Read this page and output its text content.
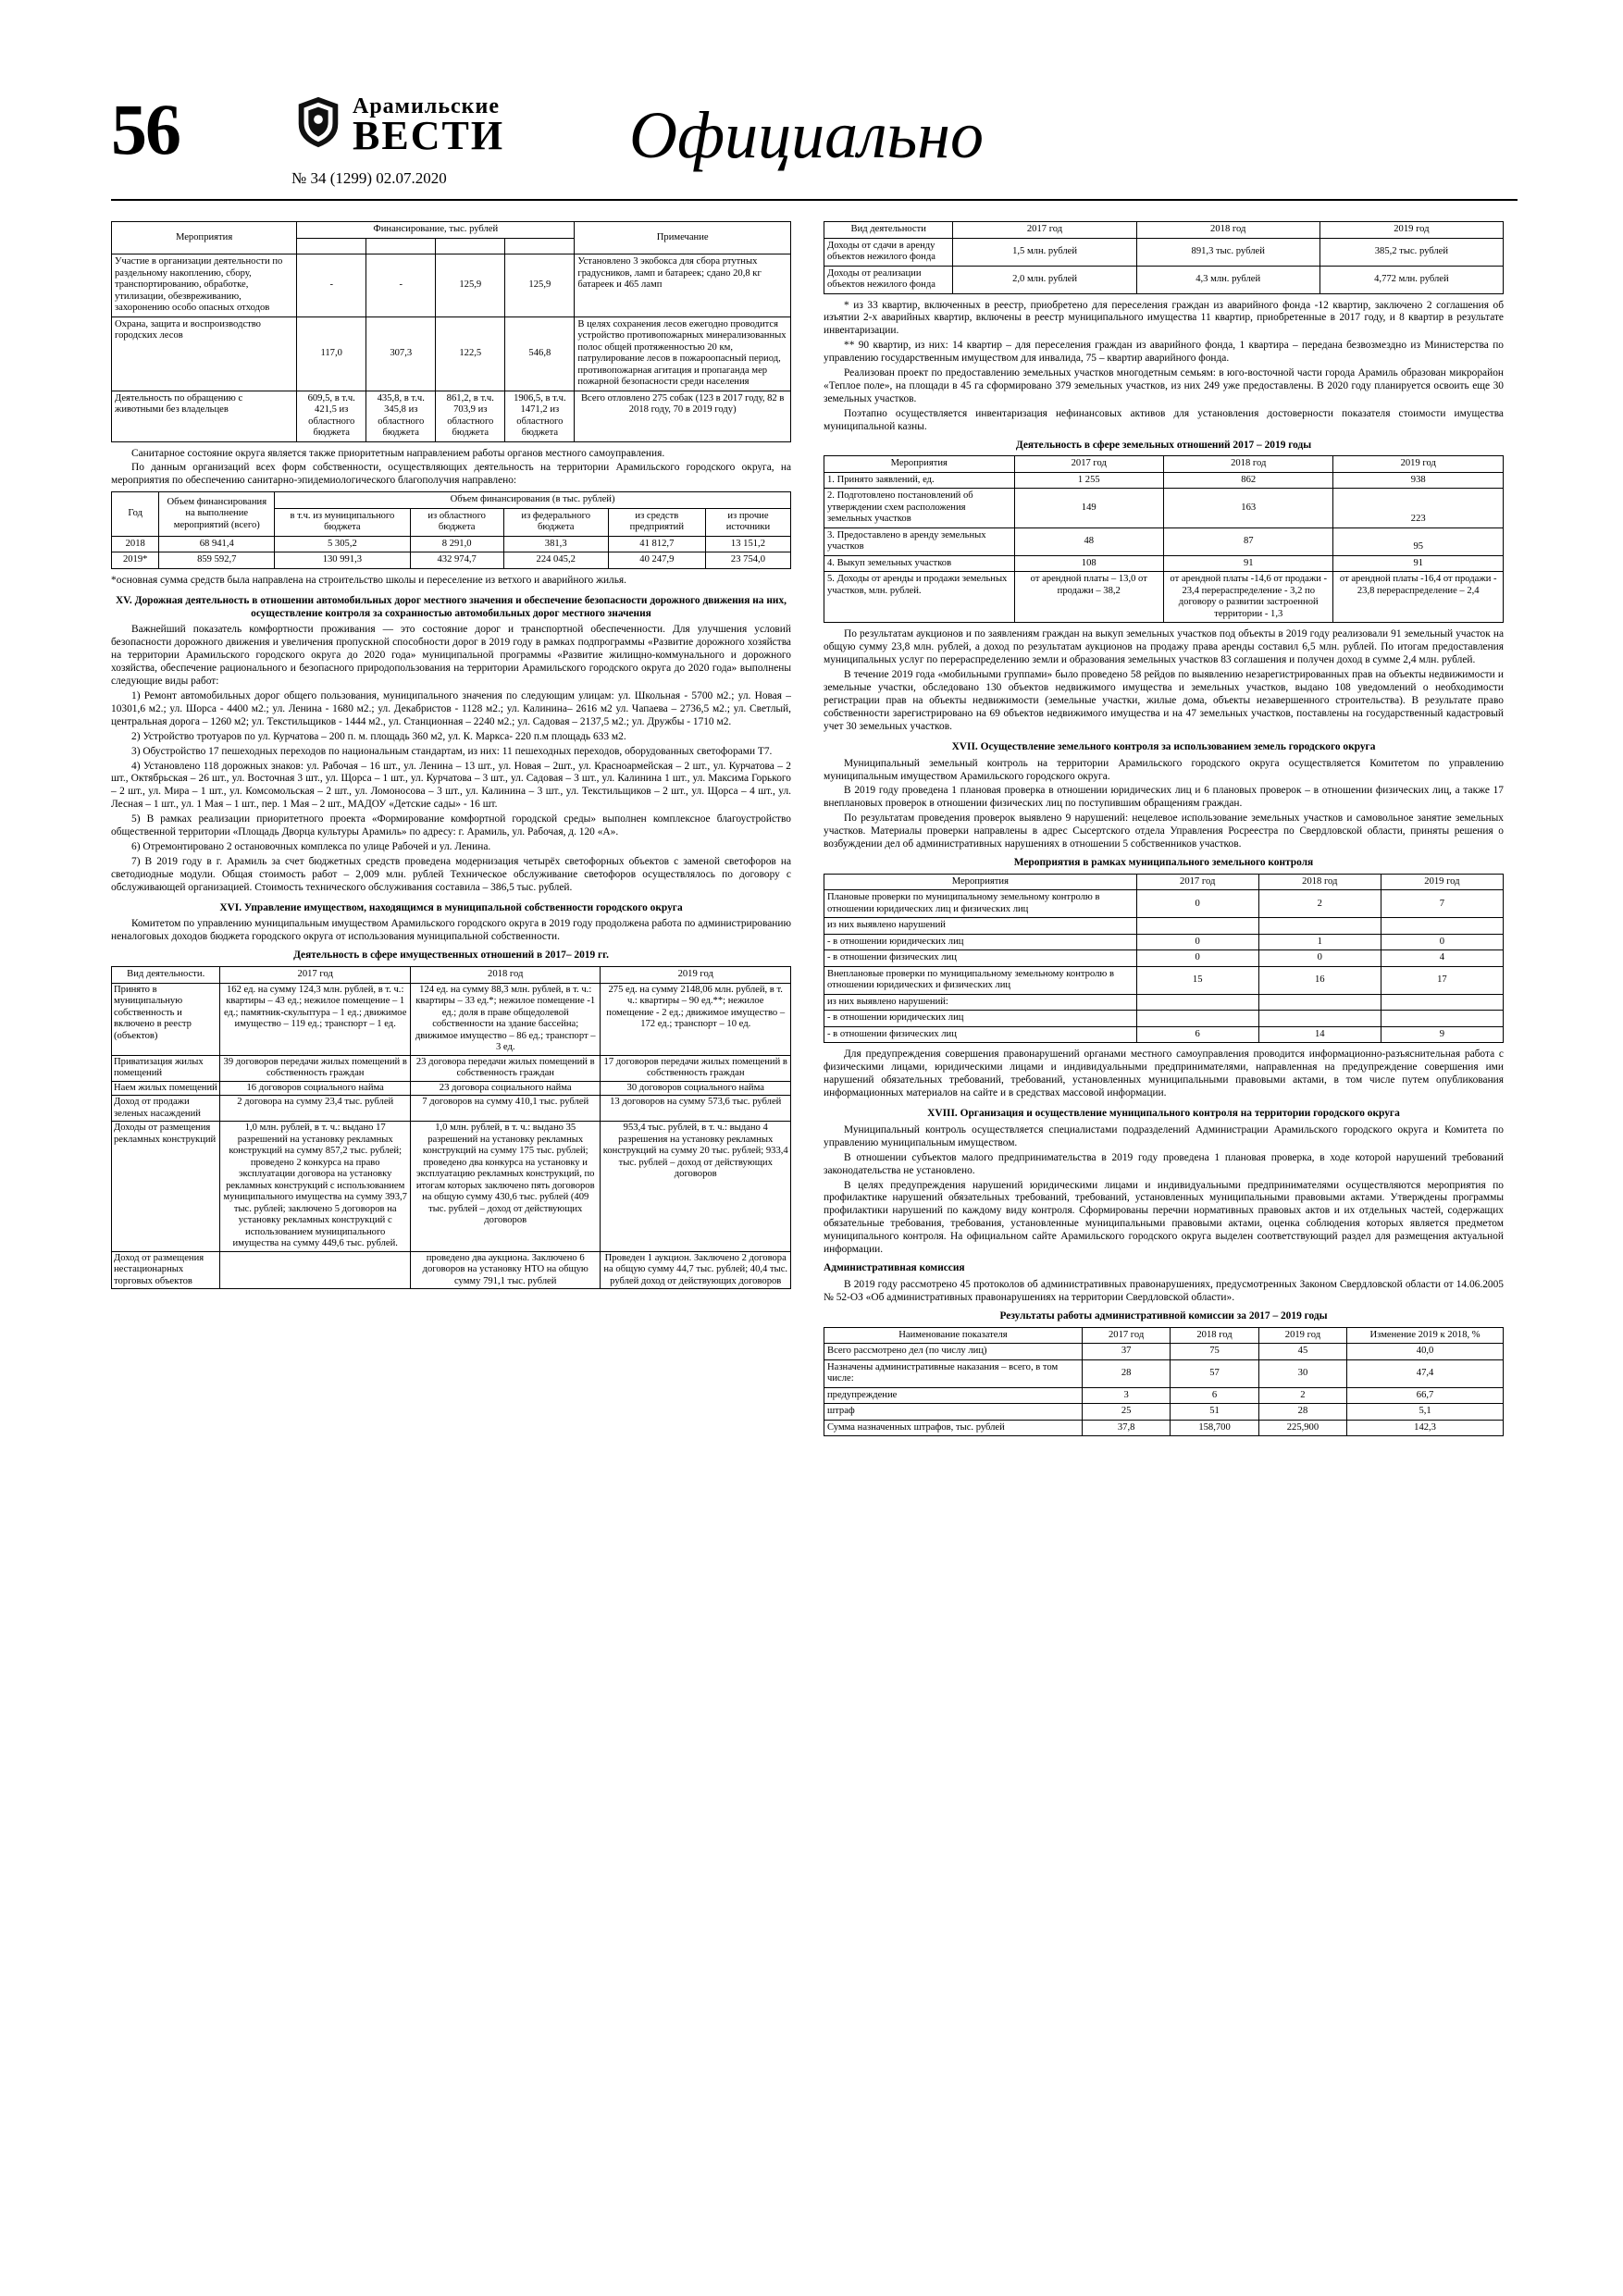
56	Арамильские
ВЕСТИ
№ 34 (1299) 02.07.2020
Официально
Мероприятия	Финансирование, тыс. рублей				Примечание

Участие в организации деятельности по раздельному накоплению, сбору, транспортированию, обработке, утилизации, обезвреживанию, захоронению особо опасных отходов	-	-	125,9	125,9	Установлено 3 экобокса для сбора ртутных градусников, ламп и батареек; сдано 20,8 кг батареек и 465 ламп
Охрана, защита и воспроизводство городских лесов	117,0	307,3	122,5	546,8	В целях сохранения лесов ежегодно проводится устройство противопожарных минерализованных полос общей протяженностью 20 км, патрулирование лесов в пожароопасный период, противопожарная агитация и пропаганда мер пожарной безопасности среди населения
Деятельность по обращению с животными без владельцев	609,5, в т.ч. 421,5 из областного бюджета	435,8, в т.ч. 345,8 из областного бюджета	861,2, в т.ч. 703,9 из областного бюджета	1906,5, в т.ч. 1471,2 из областного бюджета	Всего отловлено 275 собак (123 в 2017 году, 82 в 2018 году, 70 в 2019 году)

Санитарное состояние округа является также приоритетным направлением работы органов местного самоуправления.

По данным организаций всех форм собственности, осуществляющих деятельность на территории Арамильского городского округа, на мероприятия по обеспечению санитарно-эпидемиологического благополучия направлено:

Год	Объем финансирования на выполнение мероприятий (всего)	Объем финансирования (в тыс. рублей)				
		в т.ч. из муниципального бюджета	из областного бюджета	из федерального бюджета	из средств предприятий	из прочие источники
2018	68 941,4	5 305,2	8 291,0	381,3	41 812,7	13 151,2
2019*	859 592,7	130 991,3	432 974,7	224 045,2	40 247,9	23 754,0

*основная сумма средств была направлена на строительство школы и переселение из ветхого и аварийного жилья.

XV. Дорожная деятельность в отношении автомобильных дорог местного значения и обеспечение безопасности дорожного движения на них, осуществление контроля за сохранностью автомобильных дорог местного значения

Важнейший показатель комфортности проживания — это состояние дорог и транспортной обеспеченности. Для улучшения условий безопасности дорожного движения и увеличения пропускной способности дорог в 2019 году в рамках подпрограммы «Развитие дорожного хозяйства на территории Арамильского городского округа до 2020 года» муниципальной программы «Развитие жилищно-коммунального и дорожного хозяйства, обеспечение рационального и безопасного природопользования на территории Арамильского городского округа до 2020 года» выполнены следующие виды работ:

1) Ремонт автомобильных дорог общего пользования, муниципального значения по следующим улицам: ул. Школьная - 5700 м2.; ул. Новая – 10301,6 м2.; ул. Шорса - 4400 м2.; ул. Ленина - 1680 м2.; ул. Декабристов - 1128 м2.; ул. Калинина– 2616 м2 ул. Чапаева – 2736,5 м2.; ул. Светлый, центральная дорога – 1260 м2; ул. Текстильщиков - 1444 м2., ул. Станционная – 2240 м2.; ул. Садовая – 2137,5 м2.; ул. Дружбы - 1710 м2.

2) Устройство тротуаров по ул. Курчатова – 200 п. м. площадь 360 м2, ул. К. Маркса- 220 п.м площадь 633 м2.

3) Обустройство 17 пешеходных переходов по национальным стандартам, из них: 11 пешеходных переходов, оборудованных светофорами Т7.

4) Установлено 118 дорожных знаков: ул. Рабочая – 16 шт., ул. Ленина – 13 шт., ул. Новая – 2шт., ул. Красноармейская – 2 шт., ул. Курчатова – 2 шт., Октябрьская – 26 шт., ул. Восточная 3 шт., ул. Щорса – 1 шт., ул. Курчатова – 3 шт., ул. Садовая – 3 шт., ул. Калинина 1 шт., ул. Максима Горького – 2 шт., ул. Мира – 1 шт., ул. Комсомольская – 2 шт., ул. Ломоносова – 3 шт., ул. Калинина – 3 шт., ул. Текстильщиков – 2 шт., ул. Щорса – 4 шт., ул. Лесная – 1 шт., ул. 1 Мая – 1 шт., пер. 1 Мая – 2 шт., МАДОУ «Детские сады» - 16 шт.

5) В рамках реализации приоритетного проекта «Формирование комфортной городской среды» выполнен комплексное благоустройство общественной территории «Площадь Дворца культуры Арамиль» по адресу: г. Арамиль, ул. Рабочая, д. 120 «А».

6) Отремонтировано 2 остановочных комплекса по улице Рабочей и ул. Ленина.

7) В 2019 году в г. Арамиль за счет бюджетных средств проведена модернизация четырёх светофорных объектов с заменой светофоров на светодиодные модули. Общая стоимость работ – 2,009 млн. рублей Техническое обслуживание светофоров осуществлялось по договору с обслуживающей организацией. Стоимость технического обслуживания составила – 386,5 тыс. рублей.

XVI. Управление имуществом, находящимся в муниципальной собственности городского округа

Комитетом по управлению муниципальным имуществом Арамильского городского округа в 2019 году продолжена работа по администрированию неналоговых доходов бюджета городского округа от использования муниципальной собственности.

Деятельность в сфере имущественных отношений в 2017– 2019 гг.

Вид деятельности.	2017 год	2018 год	2019 год
Принято в муниципальную собственность и включено в реестр (объектов)	162 ед. на сумму 124,3 млн. рублей, в т. ч.: квартиры – 43 ед.; нежилое помещение – 1 ед.; памятник-скульптура – 1 ед.; движимое имущество – 119 ед.; транспорт – 1 ед.	124 ед. на сумму 88,3 млн. рублей, в т. ч.: квартиры – 33 ед.*; нежилое помещение -1 ед.; доля в праве общедолевой собственности на здание бассейна; движимое имущество – 86 ед.; транспорт – 3 ед.	275 ед. на сумму 2148,06 млн. рублей, в т. ч.: квартиры – 90 ед.**; нежилое помещение - 2 ед.; движимое имущество – 172 ед.; транспорт – 10 ед.
Приватизация жилых помещений	39 договоров передачи жилых помещений в собственность граждан	23 договора передачи жилых помещений в собственность граждан	17 договоров передачи жилых помещений в собственность граждан
Наем жилых помещений	16 договоров социального найма	23 договора социального найма	30 договоров социального найма
Доход от продажи зеленых насаждений	2 договора на сумму 23,4 тыс. рублей	7 договоров на сумму 410,1 тыс. рублей	13 договоров на сумму 573,6 тыс. рублей
Доходы от размещения рекламных конструкций	1,0 млн. рублей, в т. ч.: выдано 17 разрешений на установку рекламных конструкций на сумму 857,2 тыс. рублей; проведено 2 конкурса на право эксплуатации договора на установку рекламных конструкций с использованием муниципального имущества на сумму 393,7 тыс. рублей; заключено 5 договоров на установку рекламных конструкций с использованием муниципального имущества на сумму 449,6 тыс. рублей.	1,0 млн. рублей, в т. ч.: выдано 35 разрешений на установку рекламных конструкций на сумму 175 тыс. рублей; проведено два конкурса на установку и эксплуатацию рекламных конструкций, по итогам которых заключено пять договоров на общую сумму 430,6 тыс. рублей (409 тыс. рублей – доход от действующих договоров	953,4 тыс. рублей, в т. ч.: выдано 4 разрешения на установку рекламных конструкций на сумму 20 тыс. рублей; 933,4 тыс. рублей – доход от действующих договоров
Доход от размещения нестационарных торговых объектов		проведено два аукциона. Заключено 6 договоров на установку НТО на общую сумму 791,1 тыс. рублей	Проведен 1 аукцион. Заключено 2 договора на общую сумму 44,7 тыс. рублей; 40,4 тыс. рублей доход от действующих договоров
Вид деятельности	2017 год	2018 год	2019 год
Доходы от сдачи в аренду объектов нежилого фонда	1,5 млн. рублей	891,3 тыс. рублей	385,2 тыс. рублей
Доходы от реализации объектов нежилого фонда	2,0 млн. рублей	4,3 млн. рублей	4,772 млн. рублей

* из 33 квартир, включенных в реестр, приобретено для переселения граждан из аварийного фонда -12 квартир, заключено 2 соглашения об изъятии 2-х аварийных квартир, включены в реестр муниципального имущества 11 квартир, приобретенные в 2017 году, и 8 квартир в результате инвентаризации.

** 90 квартир, из них: 14 квартир – для переселения граждан из аварийного фонда, 1 квартира – передана безвозмездно из Министерства по управлению государственным имуществом для инвалида, 75 – квартир аварийного фонда.

Реализован проект по предоставлению земельных участков многодетным семьям: в юго-восточной части города Арамиль образован микрорайон «Теплое поле», на площади в 45 га сформировано 379 земельных участков, из них 249 уже предоставлены. В 2020 году планируется освоить еще 30 земельных участков.

Поэтапно осуществляется инвентаризация нефинансовых активов для установления достоверности показателя стоимости имущества муниципальной казны.

Деятельность в сфере земельных отношений 2017 – 2019 годы

Мероприятия	2017 год	2018 год	2019 год
1. Принято заявлений, ед.	1 255	862	938
2. Подготовлено постановлений об утверждении схем расположения земельных участков	149	163	223
3. Предоставлено в аренду земельных участков	48	87	95
4. Выкуп земельных участков	108	91	91
5. Доходы от аренды и продажи земельных участков, млн. рублей.	от арендной платы – 13,0 от продажи – 38,2	от арендной платы -14,6 от продажи - 23,4 перераспределение - 3,2 по договору о развитии застроенной территории - 1,3	от арендной платы -16,4 от продажи - 23,8 перераспределение – 2,4

По результатам аукционов и по заявлениям граждан на выкуп земельных участков под объекты в 2019 году реализовали 91 земельный участок на общую сумму 23,8 млн. рублей, а доход по результатам аукционов на продажу права аренды составил 6,5 млн. рублей. По итогам предоставления муниципальных услуг по перераспределению земли и образования земельных участков 83 соглашения и получен доход в сумме 2,4 млн. рублей.

В течение 2019 года «мобильными группами» было проведено 58 рейдов по выявлению незарегистрированных прав на объекты недвижимости и земельные участки, обследовано 130 объектов недвижимого имущества и земельных участков, выдано 108 уведомлений о необходимости регистрации прав на объекты недвижимости (земельные участки, жилые дома, объекты незавершенного строительства). В результате право собственности зарегистрировано на 69 объектов недвижимого имущества и на 47 земельных участков, поставлены на государственный кадастровый учет 30 земельных участков.

XVII. Осуществление земельного контроля за использованием земель городского округа

Муниципальный земельный контроль на территории Арамильского городского округа осуществляется Комитетом по управлению муниципальным имуществом Арамильского городского округа.

В 2019 году проведена 1 плановая проверка в отношении юридических лиц и 6 плановых проверок – в отношении физических лиц, а также 17 внеплановых проверок в отношении физических лиц по поступившим обращениям граждан.

По результатам проведения проверок выявлено 9 нарушений: нецелевое использование земельных участков и самовольное занятие земельных участков. Материалы проверки направлены в адрес Сысертского отдела Управления Росреестра по Свердловской области, приняты решения о возбуждении дел об административных нарушениях в отношении 5 собственников участков.

Мероприятия в рамках муниципального земельного контроля

Мероприятия	2017 год	2018 год	2019 год
Плановые проверки по муниципальному земельному контролю в отношении юридических лиц и физических лиц	0	2	7
из них выявлено нарушений			
- в отношении юридических лиц	0	1	0
- в отношении физических лиц	0	0	4
Внеплановые проверки по муниципальному земельному контролю в отношении юридических и физических лиц	15	16	17
из них выявлено нарушений:			
- в отношении юридических лиц			
- в отношении физических лиц	6	14	9

Для предупреждения совершения правонарушений органами местного самоуправления проводится информационно-разъяснительная работа с физическими лицами, юридическими лицами и индивидуальными предпринимателями, направленная на предупреждение совершения ими нарушений обязательных требований, требований, установленных муниципальными правовыми актами, в том числе путем опубликования информационных материалов на сайте и в средствах массовой информации.

XVIII. Организация и осуществление муниципального контроля на территории городского округа

Муниципальный контроль осуществляется специалистами подразделений Администрации Арамильского городского округа и Комитета по управлению муниципальным имуществом.

В отношении субъектов малого предпринимательства в 2019 году проведена 1 плановая проверка, в ходе которой нарушений требований законодательства не установлено.

В целях предупреждения нарушений юридическими лицами и индивидуальными предпринимателями осуществляются мероприятия по профилактике нарушений обязательных требований, требований, установленных муниципальными правовыми актами. Утверждены программы профилактики нарушений по каждому виду контроля. Сформированы перечни нормативных правовых актов и их отдельных частей, содержащих обязательные требования, требования, установленные муниципальными правовыми актами, оценка соблюдения которых является предметом муниципального контроля. На официальном сайте Арамильского городского округа выделен соответствующий раздел для размещения актуальной информации.

Административная комиссия

В 2019 году рассмотрено 45 протоколов об административных правонарушениях, предусмотренных Законом Свердловской области от 14.06.2005 № 52-ОЗ «Об административных правонарушениях на территории Свердловской области».

Результаты работы административной комиссии за 2017 – 2019 годы

Наименование показателя	2017 год	2018 год	2019 год	Изменение 2019 к 2018, %
Всего рассмотрено дел (по числу лиц)	37	75	45	40,0
Назначены административные наказания – всего, в том числе:	28	57	30	47,4
предупреждение	3	6	2	66,7
штраф	25	51	28	5,1
Сумма назначенных штрафов, тыс. рублей	37,8	158,700	225,900	142,3
